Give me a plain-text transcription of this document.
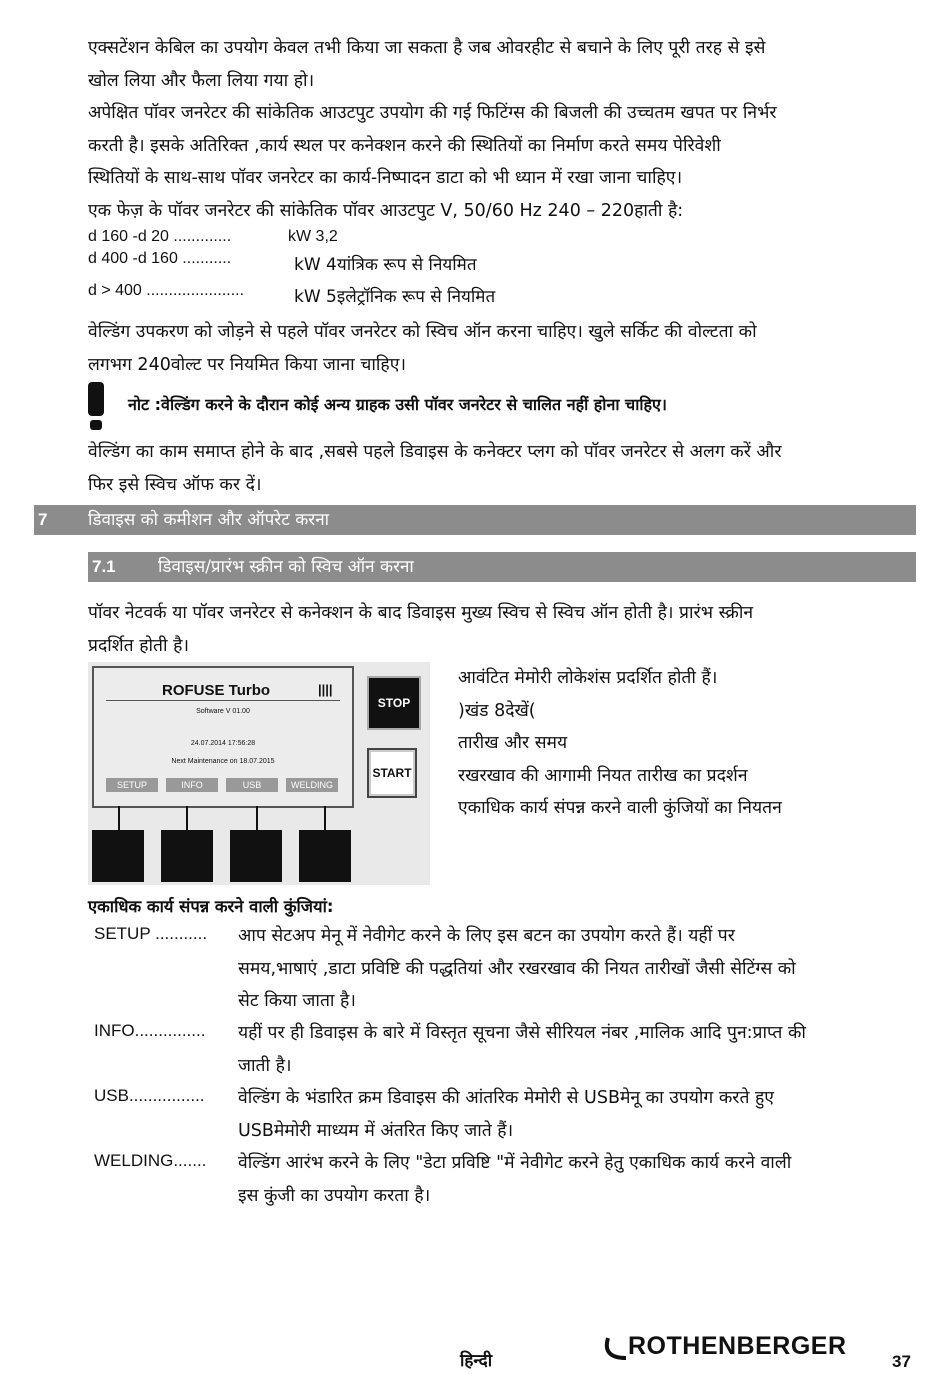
एक्सटेंशन केबिल का उपयोग केवल तभी किया जा सकता है जब ओवरहीट से बचाने के लिए पूरी तरह से इसे
खोल लिया और फैला लिया गया हो।
अपेक्षित पॉवर जनरेटर की सांकेतिक आउटपुट उपयोग की गई फिटिंग्स की बिजली की उच्चतम खपत पर निर्भर
करती है। इसके अतिरिक्त ,कार्य स्थल पर कनेक्शन करने की स्थितियों का निर्माण करते समय पेरिवेशी
स्थितियों के साथ-साथ पॉवर जनरेटर का कार्य-निष्पादन डाटा को भी ध्यान में रखा जाना चाहिए।
एक फेज़ के पॉवर जनरेटर की सांकेतिक पॉवर आउटपुट V, 50/60 Hz 240 – 220हाती है:
d 160 -d 20 .............	kW 3,2
d 400 -d 160 ...........	kW 4यांत्रिक रूप से नियमित
d > 400 ......................	kW 5इलेट्रॉनिक रूप से नियमित
वेल्डिंग उपकरण को जोड़ने से पहले पॉवर जनरेटर को स्विच ऑन करना चाहिए। खुले सर्किट की वोल्टता को
लगभग 240वोल्ट पर नियमित किया जाना चाहिए।
नोट :वेल्डिंग करने के दौरान कोई अन्य ग्राहक उसी पॉवर जनरेटर से चालित नहीं होना चाहिए।
वेल्डिंग का काम समाप्त होने के बाद ,सबसे पहले डिवाइस के कनेक्टर प्लग को पॉवर जनरेटर से अलग करें और
फिर इसे स्विच ऑफ कर दें।
7 डिवाइस को कमीशन और ऑपरेट करना
7.1 डिवाइस/प्रारंभ स्क्रीन को स्विच ऑन करना
पॉवर नेटवर्क या पॉवर जनरेटर से कनेक्शन के बाद डिवाइस मुख्य स्विच से स्विच ऑन होती है। प्रारंभ स्क्रीन
प्रदर्शित होती है।
ROFUSE Turbo	||||
Software V 01.00
24.07.2014 17:56:28
Next Maintenance on 18.07.2015
SETUP	INFO	USB	WELDING
STOP
START
आवंटित मेमोरी लोकेशंस प्रदर्शित होती हैं।
)खंड 8देखें(
तारीख और समय
रखरखाव की आगामी नियत तारीख का प्रदर्शन
एकाधिक कार्य संपन्न करने वाली कुंजियों का नियतन
एकाधिक कार्य संपन्न करने वाली कुंजियां:
SETUP ........... आप सेटअप मेनू में नेवीगेट करने के लिए इस बटन का उपयोग करते हैं। यहीं पर
समय,भाषाएं ,डाटा प्रविष्टि की पद्धतियां और रखरखाव की नियत तारीखों जैसी सेटिंग्स को
सेट किया जाता है।
INFO............... यहीं पर ही डिवाइस के बारे में विस्तृत सूचना जैसे सीरियल नंबर ,मालिक आदि पुन:प्राप्त की
जाती है।
USB................ वेल्डिंग के भंडारित क्रम डिवाइस की आंतरिक मेमोरी से USBमेनू का उपयोग करते हुए
USBमेमोरी माध्यम में अंतरित किए जाते हैं।
WELDING....... वेल्डिंग आरंभ करने के लिए "डेटा प्रविष्टि "में नेवीगेट करने हेतु एकाधिक कार्य करने वाली
इस कुंजी का उपयोग करता है।
हिन्दी
ROTHENBERGER
37
